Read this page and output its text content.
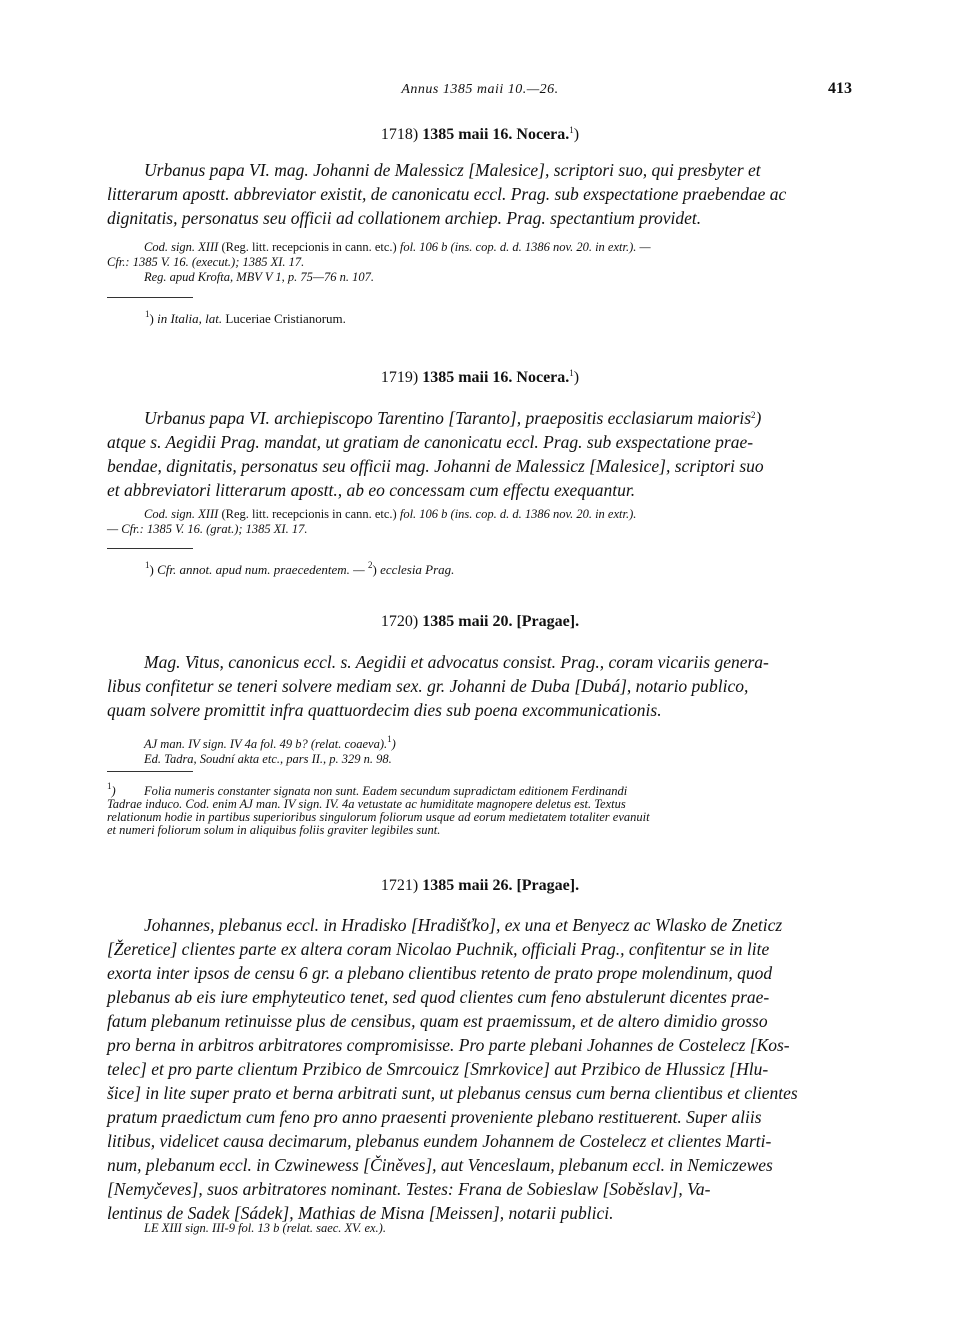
Annus 1385 maii 10.—26.	413
1718) 1385 maii 16. Nocera.$^1$)

Urbanus papa VI. mag. Johanni de Malessicz [Malesice], scriptori suo, qui presbyter et
litterarum apostt. abbreviator existit, de canonicatu eccl. Prag. sub exspectatione praebendae ac
dignitatis, personatus seu officii ad collationem archiep. Prag. spectantium providet.

Cod. sign. XIII (Reg. litt. recepcionis in cann. etc.) fol. 106 b (ins. cop. d. d. 1386 nov. 20. in extr.). —
Cfr.: 1385 V. 16. (execut.); 1385 XI. 17.
Reg. apud Krofta, MBV V 1, p. 75—76 n. 107.
$^1$) in Italia, lat. Luceriae Cristianorum.
1719) 1385 maii 16. Nocera.$^1$)

Urbanus papa VI. archiepiscopo Tarentino [Taranto], praepositis ecclasiarum maioris$^2$)
atque s. Aegidii Prag. mandat, ut gratiam de canonicatu eccl. Prag. sub exspectatione prae-
bendae, dignitatis, personatus seu officii mag. Johanni de Malessicz [Malesice], scriptori suo
et abbreviatori litterarum apostt., ab eo concessam cum effectu exequantur.

Cod. sign. XIII (Reg. litt. recepcionis in cann. etc.) fol. 106 b (ins. cop. d. d. 1386 nov. 20. in extr.).
— Cfr.: 1385 V. 16. (grat.); 1385 XI. 17.
$^1$) Cfr. annot. apud num. praecedentem. — $^2$) ecclesia Prag.
1720) 1385 maii 20. [Pragae].

Mag. Vitus, canonicus eccl. s. Aegidii et advocatus consist. Prag., coram vicariis genera-
libus confitetur se teneri solvere mediam sex. gr. Johanni de Duba [Dubá], notario publico,
quam solvere promittit infra quattuordecim dies sub poena excommunicationis.

AJ man. IV sign. IV 4a fol. 49 b? (relat. coaeva).$^1$)
Ed. Tadra, Soudní akta etc., pars II., p. 329 n. 98.

$^1$) Folia numeris constanter signata non sunt. Eadem secundum supradictam editionem Ferdinandi
Tadrae induco. Cod. enim AJ man. IV sign. IV. 4a vetustate ac humiditate magnopere deletus est. Textus
relationum hodie in partibus superioribus singulorum foliorum usque ad eorum medietatem totaliter evanuit
et numeri foliorum solum in aliquibus foliis graviter legibiles sunt.

1721) 1385 maii 26. [Pragae].

Johannes, plebanus eccl. in Hradisko [Hradišťko], ex una et Benyecz ac Wlasko de Zneticz
[Žeretice] clientes parte ex altera coram Nicolao Puchnik, officiali Prag., confitentur se in lite
exorta inter ipsos de censu 6 gr. a plebano clientibus retento de prato prope molendinum, quod
plebanus ab eis iure emphyteutico tenet, sed quod clientes cum feno abstulerunt dicentes prae-
fatum plebanum retinuisse plus de censibus, quam est praemissum, et de altero dimidio grosso
pro berna in arbitros arbitratores compromisisse. Pro parte plebani Johannes de Costelecz [Kos-
telec] et pro parte clientum Przibico de Smrcouicz [Smrkovice] aut Przibico de Hlussicz [Hlu-
šice] in lite super prato et berna arbitrati sunt, ut plebanus census cum berna clientibus et clientes
pratum praedictum cum feno pro anno praesenti proveniente plebano restituerent. Super aliis
litibus, videlicet causa decimarum, plebanus eundem Johannem de Costelecz et clientes Marti-
num, plebanum eccl. in Czwinewess [Činěves], aut Venceslaum, plebanum eccl. in Nemiczewes
[Nemyčeves], suos arbitratores nominant. Testes: Frana de Sobieslaw [Soběslav], Va-
lentinus de Sadek [Sádek], Mathias de Misna [Meissen], notarii publici.

LE XIII sign. III-9 fol. 13 b (relat. saec. XV. ex.).
